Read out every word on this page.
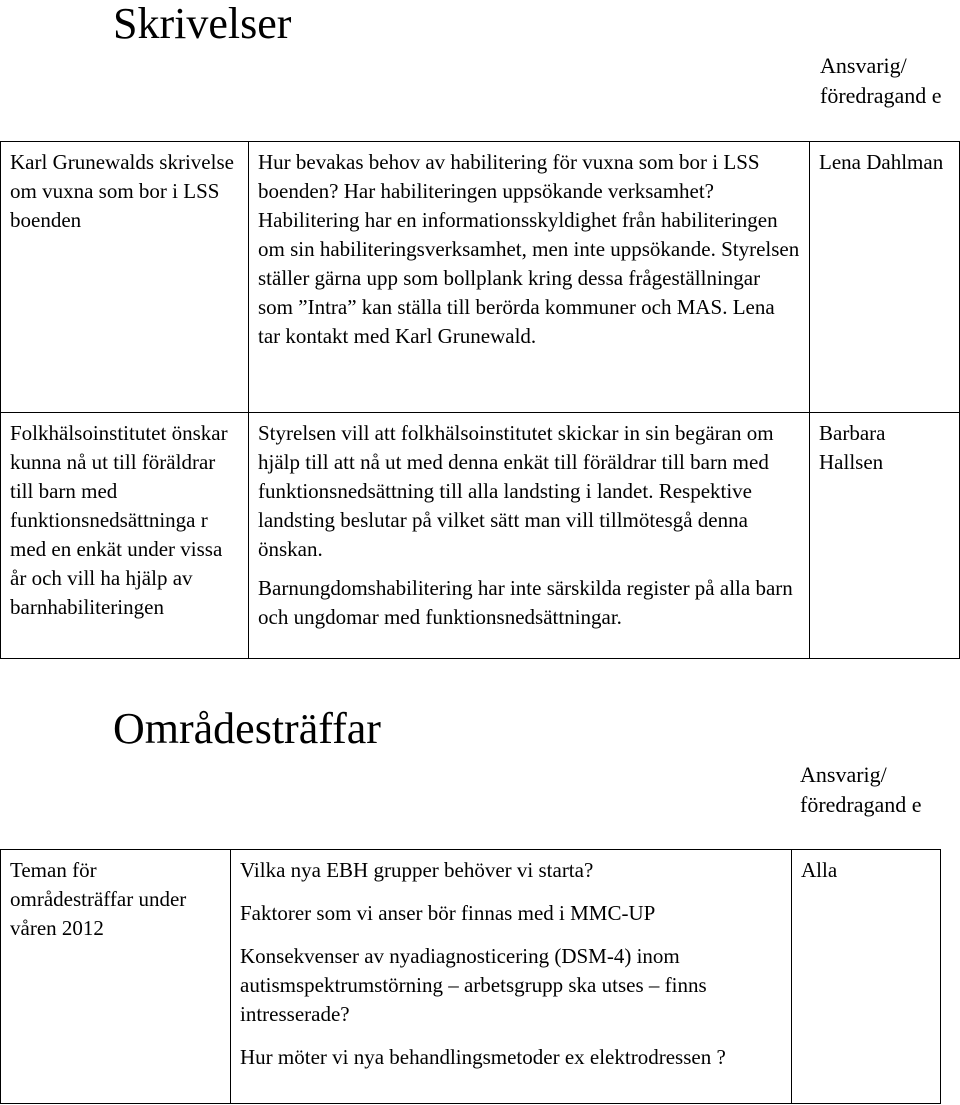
Skrivelser
Ansvarig/ föredragand e

Karl Grunewalds skrivelse om vuxna som bor i LSS boenden

Hur bevakas behov av habilitering för vuxna som bor i LSS boenden? Har habiliteringen uppsökande verksamhet? Habilitering har en informationsskyldighet från habiliteringen om sin habiliteringsverksamhet, men inte uppsökande. Styrelsen ställer gärna upp som bollplank kring dessa frågeställningar som ”Intra” kan ställa till berörda kommuner och MAS. Lena tar kontakt med Karl Grunewald.

Lena Dahlman

Folkhälsoinstitutet önskar kunna nå ut till föräldrar till barn med funktionsnedsättninga r med en enkät under vissa år och vill ha hjälp av barnhabiliteringen

Styrelsen vill att folkhälsoinstitutet skickar in sin begäran om hjälp till att nå ut med denna enkät till föräldrar till barn med funktionsnedsättning till alla landsting i landet. Respektive landsting beslutar på vilket sätt man vill tillmötesgå denna önskan.

Barnungdomshabilitering har inte särskilda register på alla barn och ungdomar med funktionsnedsättningar.

Barbara Hallsen

Områdesträffar
Ansvarig/ föredragand e

Teman för områdesträffar under våren 2012

Vilka nya EBH grupper behöver vi starta?

Faktorer som vi anser bör finnas med i MMC-UP

Konsekvenser av nyadiagnosticering (DSM-4) inom autismspektrumstörning – arbetsgrupp ska utses – finns intresserade?

Hur möter vi nya behandlingsmetoder ex elektrodressen ?

Alla
